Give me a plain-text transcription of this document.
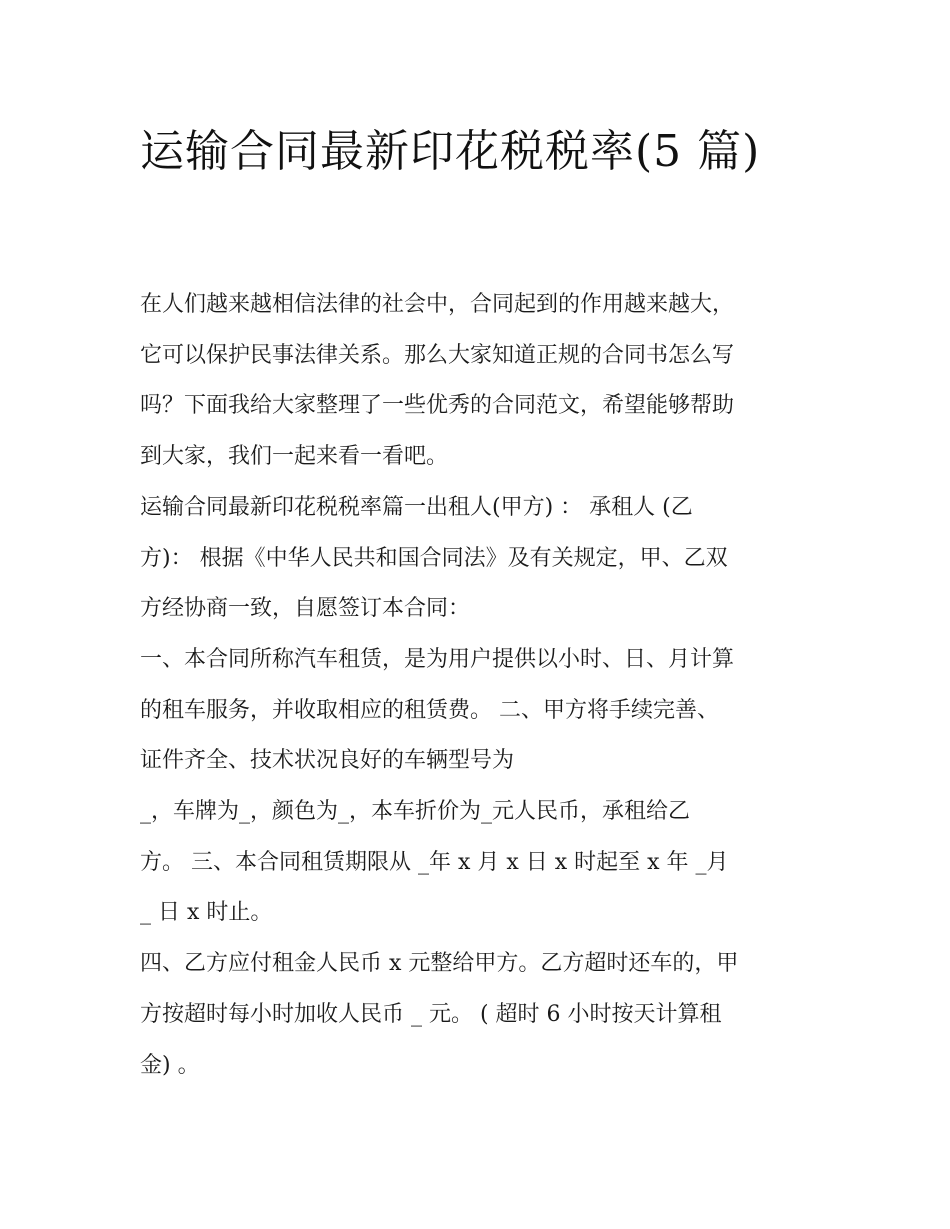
运输合同最新印花税税率(5 篇)

在人们越来越相信法律的社会中，合同起到的作用越来越大，

它可以保护民事法律关系。那么大家知道正规的合同书怎么写

吗？下面我给大家整理了一些优秀的合同范文，希望能够帮助

到大家，我们一起来看一看吧。

运输合同最新印花税税率篇一出租人(甲方) ： 承租人 (乙

方)： 根据《中华人民共和国合同法》及有关规定，甲、乙双

方经协商一致，自愿签订本合同：

一、本合同所称汽车租赁，是为用户提供以小时、日、月计算

的租车服务，并收取相应的租赁费。 二、甲方将手续完善、

证件齐全、技术状况良好的车辆型号为

_，车牌为_，颜色为_，本车折价为_元人民币，承租给乙

方。 三、本合同租赁期限从 _年 x 月 x 日 x 时起至 x 年 _月

_ 日 x 时止。

四、乙方应付租金人民币 x 元整给甲方。乙方超时还车的，甲

方按超时每小时加收人民币 _ 元。 ( 超时 6 小时按天计算租

金) 。
